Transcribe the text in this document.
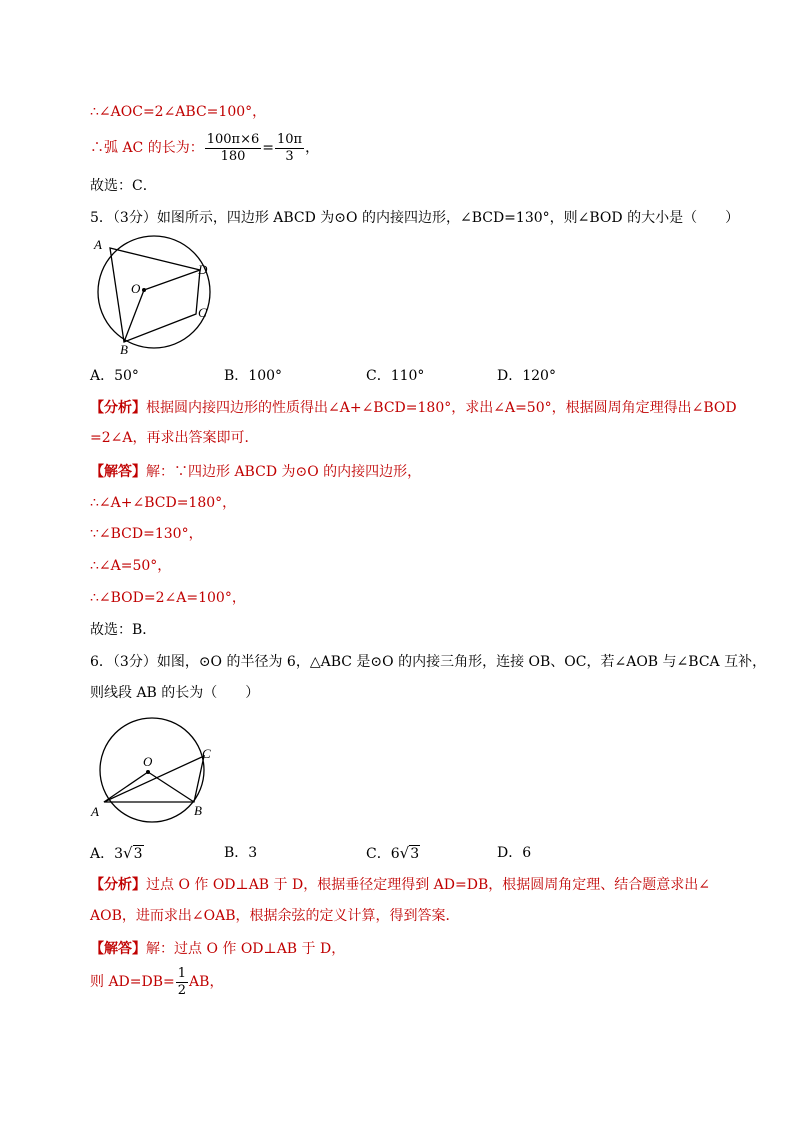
∴∠AOC=2∠ABC=100°，
∴弧 AC 的长为： $\frac{100\pi\times 6}{180} = \frac{10\pi}{3}$ ，
故选：C．
5．（3分）如图所示，四边形 ABCD 为⊙O 的内接四边形，∠BCD=130°，则∠BOD 的大小是（　　）
A
D
C
B
O
A．50°	B．100°	C．110°	D．120°
【分析】根据圆内接四边形的性质得出∠A+∠BCD=180°，求出∠A=50°，根据圆周角定理得出∠BOD
=2∠A，再求出答案即可．
【解答】解：∵四边形 ABCD 为⊙O 的内接四边形，
∴∠A+∠BCD=180°，
∵∠BCD=130°，
∴∠A=50°，
∴∠BOD=2∠A=100°，
故选：B．
6．（3分）如图，⊙O 的半径为 6，△ABC 是⊙O 的内接三角形，连接 OB、OC，若∠AOB 与∠BCA 互补，
则线段 AB 的长为（　　）
O
C
A	B
A．3√3	B．3	C．6√3	D．6
【分析】过点 O 作 OD⊥AB 于 D，根据垂径定理得到 AD=DB，根据圆周角定理、结合题意求出∠
AOB，进而求出∠OAB，根据余弦的定义计算，得到答案．
【解答】解：过点 O 作 OD⊥AB 于 D，
则 $AD=DB= \frac{1}{2}$ AB，
